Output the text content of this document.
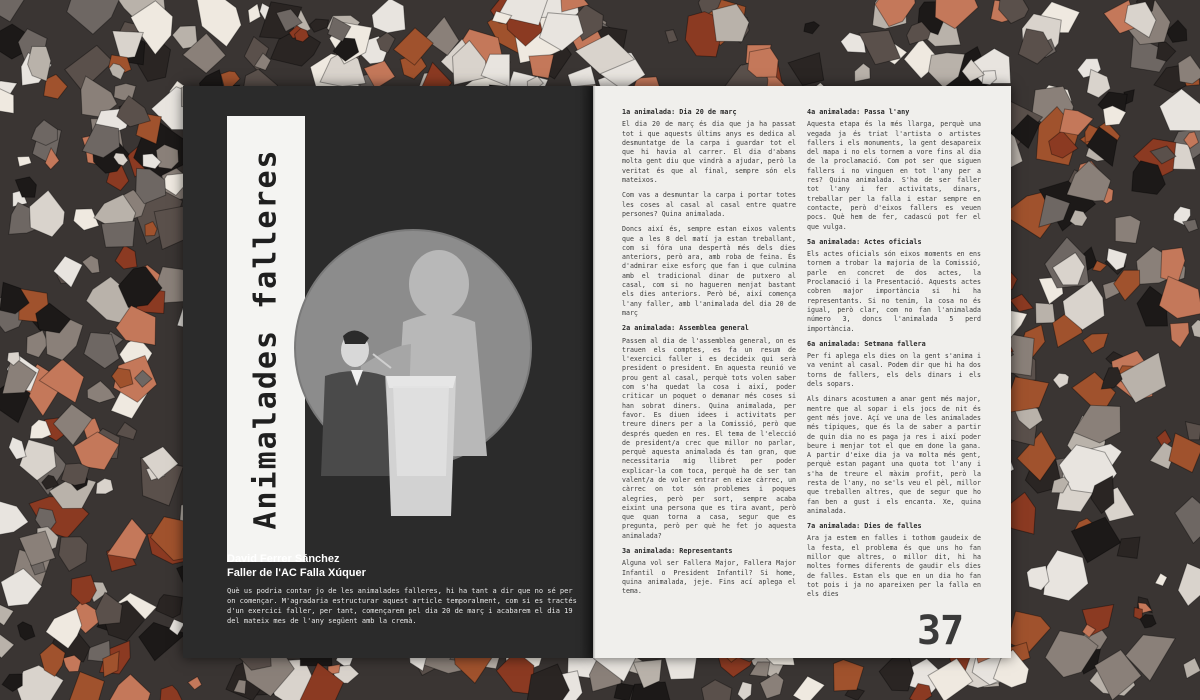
Animalades falleres
David Ferrer Sánchez
Faller de l'AC Falla Xúquer
Què us podria contar jo de les animalades falleres, hi ha tant a dir que no sé per on començar. M'agradaria estructurar aquest article temporalment, com si es tractés d'un exercici faller, per tant, començarem pel dia 20 de març i acabarem el dia 19 del mateix mes de l'any següent amb la cremà.
1a animalada: Dia 20 de març

El dia 20 de març és dia que ja ha passat tot i que aquests últims anys es dedica al desmuntatge de la carpa i guardar tot el que hi havia al carrer. El dia d'abans molta gent diu que vindrà a ajudar, però la veritat és que al final, sempre són els mateixos.

Com vas a desmuntar la carpa i portar totes les coses al casal al casal entre quatre persones? Quina animalada.

Doncs així és, sempre estan eixos valents que a les 8 del matí ja estan treballant, com si fóra una despertà més dels dies anteriors, però ara, amb roba de feina. És d'admirar eixe esforç que fan i que culmina amb el tradicional dinar de putxero al casal, com si no hagueren menjat bastant els dies anteriors. Però bé, així comença l'any faller, amb l'animalada del dia 20 de març

2a animalada: Assemblea general

Passem al dia de l'assemblea general, on es trauen els comptes, es fa un resum de l'exercici faller i es decideix qui serà president o president. En aquesta reunió ve prou gent al casal, perquè tots volen saber com s'ha quedat la cosa i així, poder criticar un poquet o demanar més coses si han sobrat diners. Quina animalada, per favor. Es diuen idees i activitats per treure diners per a la Comissió, però que després queden en res. El tema de l'elecció de president/a crec que millor no parlar, perquè aquesta animalada és tan gran, que necessitaria mig llibret per poder explicar-la com toca, perquè ha de ser tan valent/a de voler entrar en eixe càrrec, un càrrec on tot són problemes i poques alegries, però per sort, sempre acaba eixint una persona que es tira avant, però que quan torna a casa, segur que es pregunta, però per què he fet jo aquesta animalada?

3a animalada: Representants

Alguna vol ser Fallera Major, Fallera Major Infantil o President Infantil? Si home, quina animalada, jeje. Fins ací aplega el tema.

4a animalada: Passa l'any

Aquesta etapa és la més llarga, perquè una vegada ja és triat l'artista o artistes fallers i els monuments, la gent desapareix del mapa i no els tornem a vore fins al dia de la proclamació. Com pot ser que siguen fallers i no vinguen en tot l'any per a res? Quina animalada. S'ha de ser faller tot l'any i fer activitats, dinars, treballar per la falla i estar sempre en contacte, però d'eixos fallers es veuen pocs. Què hem de fer, cadascú pot fer el que vulga.

5a animalada: Actes oficials

Els actes oficials són eixos moments en ens tornem a trobar la majoria de la Comissió, parle en concret de dos actes, la Proclamació i la Presentació. Aquests actes cobren major importància si hi ha representants. Si no tenim, la cosa no és igual, però clar, com no fan l'animalada número 3, doncs l'animalada 5 perd importància.

6a animalada: Setmana fallera

Per fi aplega els dies on la gent s'anima i va venint al casal. Podem dir que hi ha dos torns de fallers, els dels dinars i els dels sopars.

Als dinars acostumen a anar gent més major, mentre que al sopar i els jocs de nit és gent més jove. Açí ve una de les animalades més típiques, que és la de saber a partir de quin dia no es paga ja res i així poder beure i menjar tot el que em done la gana. A partir d'eixe dia ja va molta més gent, perquè estan pagant una quota tot l'any i s'ha de treure el màxim profit, però la resta de l'any, no se'ls veu el pèl, millor que treballen altres, que de segur que ho fan ben a gust i els encanta. Xe, quina animalada.

7a animalada: Dies de falles

Ara ja estem en falles i tothom gaudeix de la festa, el problema és que uns ho fan millor que altres, o millor dit, hi ha moltes formes diferents de gaudir els dies de falles. Estan els que en un dia ho fan tot pois i ja no apareixen per la falla en els dies

37
